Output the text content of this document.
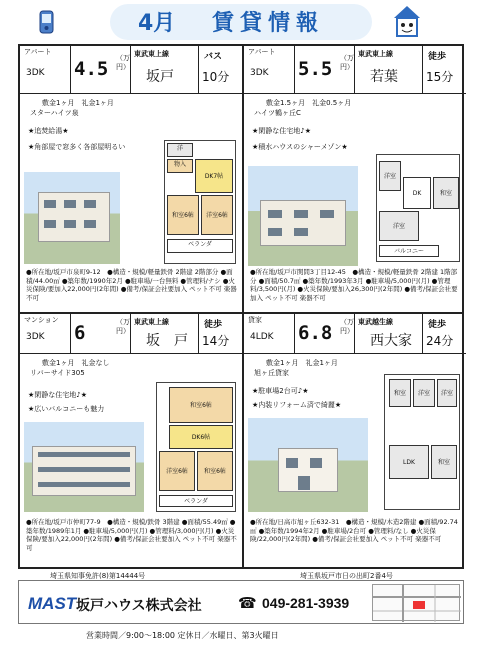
4月 賃貸情報
アパート
3DK 4.5 （万円）
東武東上線
坂戸
バス
10分
敷金1ヶ月　礼金1ヶ月
スターハイツ泉
★追焚給湯★
★角部屋で窓多く各部屋明るい	洋
物入
DK7帖
和室6帖	洋室6帖
ベランダ
●所在地/坂戸市泉町9-12　●構造・規模/軽量鉄骨 2階建 2階部分 ●面積/44.00㎡ ●築年数/1990年2月 ●駐車場/一台無料 ●管理料/ナシ ●火災保険/要加入22,000円(2年間) ●備考/保証会社要加入 ペット不可 楽器不可
アパート
3DK 5.5 （万円）
東武東上線
若葉
徒歩
15分
敷金1.5ヶ月　礼金0.5ヶ月
ハイツ鶴ヶ丘C
★閑静な住宅地♪★
★積水ハウスのシャーメゾン★
洋室
DK	和室
洋室
バルコニー
●所在地/坂戸市関間3丁目12-45　●構造・規模/軽量鉄骨 2階建 1階部分 ●面積/50.7㎡ ●築年数/1993年3月 ●駐車場/5,000円(月) ●管理料/3,500円(月) ●火災保険/要加入26,300円(2年間) ●備考/保証会社要加入 ペット不可 楽器不可
マンション
3DK 6	（万円）
東武東上線
坂　戸
徒歩
14分
敷金1ヶ月　礼金なし
リバーサイド305
★閑静な住宅地♪★
★広いバルコニーも魅力	和室6帖
DK6帖
洋室6帖	和室6帖
ベランダ
●所在地/坂戸市仲町77-9　●構造・規模/鉄骨 3階建 ●面積/55.49㎡ ●築年数/1989年1月 ●駐車場/5,000円(月) ●管理料/3,000円(月) ●火災保険/要加入22,000円(2年間) ●備考/保証会社要加入 ペット不可 楽器不可
貸家
4LDK 6.8 （万円）
東武越生線
西大家
徒歩
24分
敷金1ヶ月　礼金1ヶ月
旭ヶ丘貸家
★駐車場2台可♪★
★内装リフォーム済で綺麗★
和室	洋室	洋室
LDK	和室
●所在地/日高市旭ヶ丘632-31　●構造・規模/木造2階建 ●面積/92.74㎡ ●築年数/1994年2月 ●駐車場/2台可 ●管理料/なし ●火災保険/22,000円(2年間) ●備考/保証会社要加入 ペット不可 楽器不可
埼玉県知事免許(8)第14444号	埼玉県坂戸市日の出町2番4号
MAST 坂戸ハウス株式会社 ☎ 049-281-3939
営業時間／9:00～18:00 定休日／水曜日、第3火曜日
